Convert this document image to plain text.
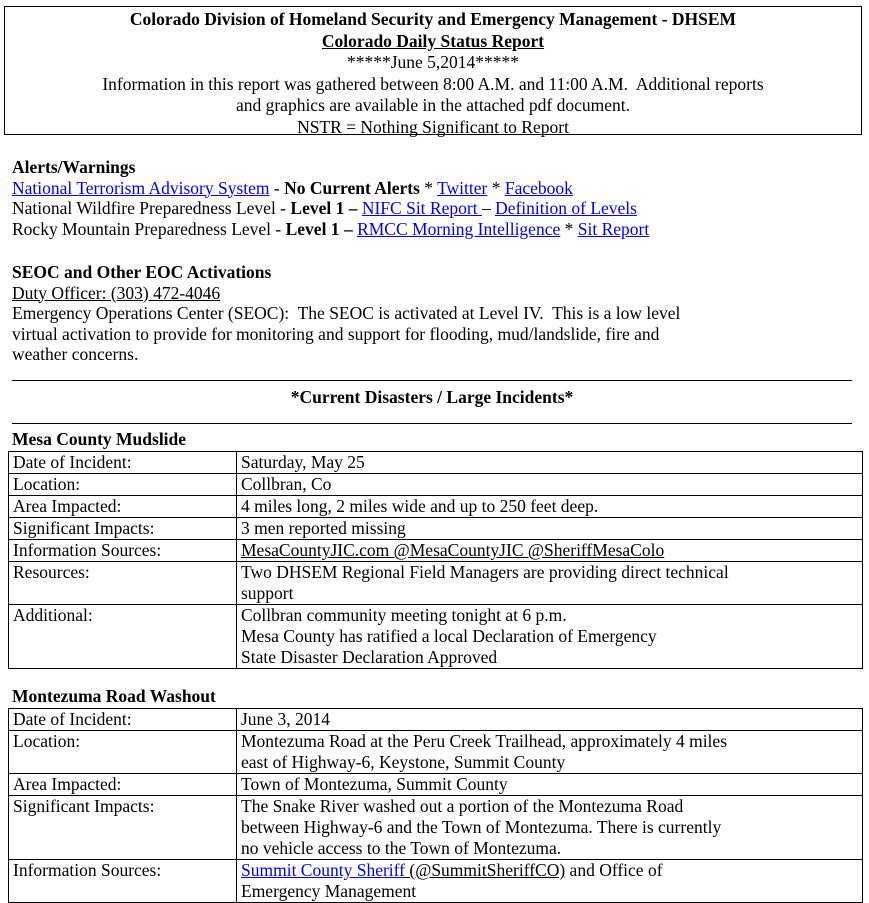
Colorado Division of Homeland Security and Emergency Management - DHSEM
Colorado Daily Status Report
*****June 5,2014*****
Information in this report was gathered between 8:00 A.M. and 11:00 A.M.  Additional reports
and graphics are available in the attached pdf document.
NSTR = Nothing Significant to Report
Alerts/Warnings
National Terrorism Advisory System - No Current Alerts * Twitter * Facebook
National Wildfire Preparedness Level - Level 1 – NIFC Sit Report – Definition of Levels
Rocky Mountain Preparedness Level - Level 1 – RMCC Morning Intelligence * Sit Report
SEOC and Other EOC Activations
Duty Officer: (303) 472-4046
Emergency Operations Center (SEOC):  The SEOC is activated at Level IV.  This is a low level
virtual activation to provide for monitoring and support for flooding, mud/landslide, fire and
weather concerns.
*Current Disasters / Large Incidents*
Mesa County Mudslide
Date of Incident:	Saturday, May 25
Location:	Collbran, Co
Area Impacted:	4 miles long, 2 miles wide and up to 250 feet deep.
Significant Impacts:	3 men reported missing
Information Sources:	MesaCountyJIC.com @MesaCountyJIC @SheriffMesaColo
Resources:	Two DHSEM Regional Field Managers are providing direct technical
support

Additional:	Collbran community meeting tonight at 6 p.m.
Mesa County has ratified a local Declaration of Emergency
State Disaster Declaration Approved
Montezuma Road Washout
Date of Incident:	June 3, 2014
Location:	Montezuma Road at the Peru Creek Trailhead, approximately 4 miles
east of Highway-6, Keystone, Summit County

Area Impacted:	Town of Montezuma, Summit County
Significant Impacts:	The Snake River washed out a portion of the Montezuma Road
between Highway-6 and the Town of Montezuma. There is currently
no vehicle access to the Town of Montezuma.

Information Sources:	Summit County Sheriff (@SummitSheriffCO) and Office of
Emergency Management
